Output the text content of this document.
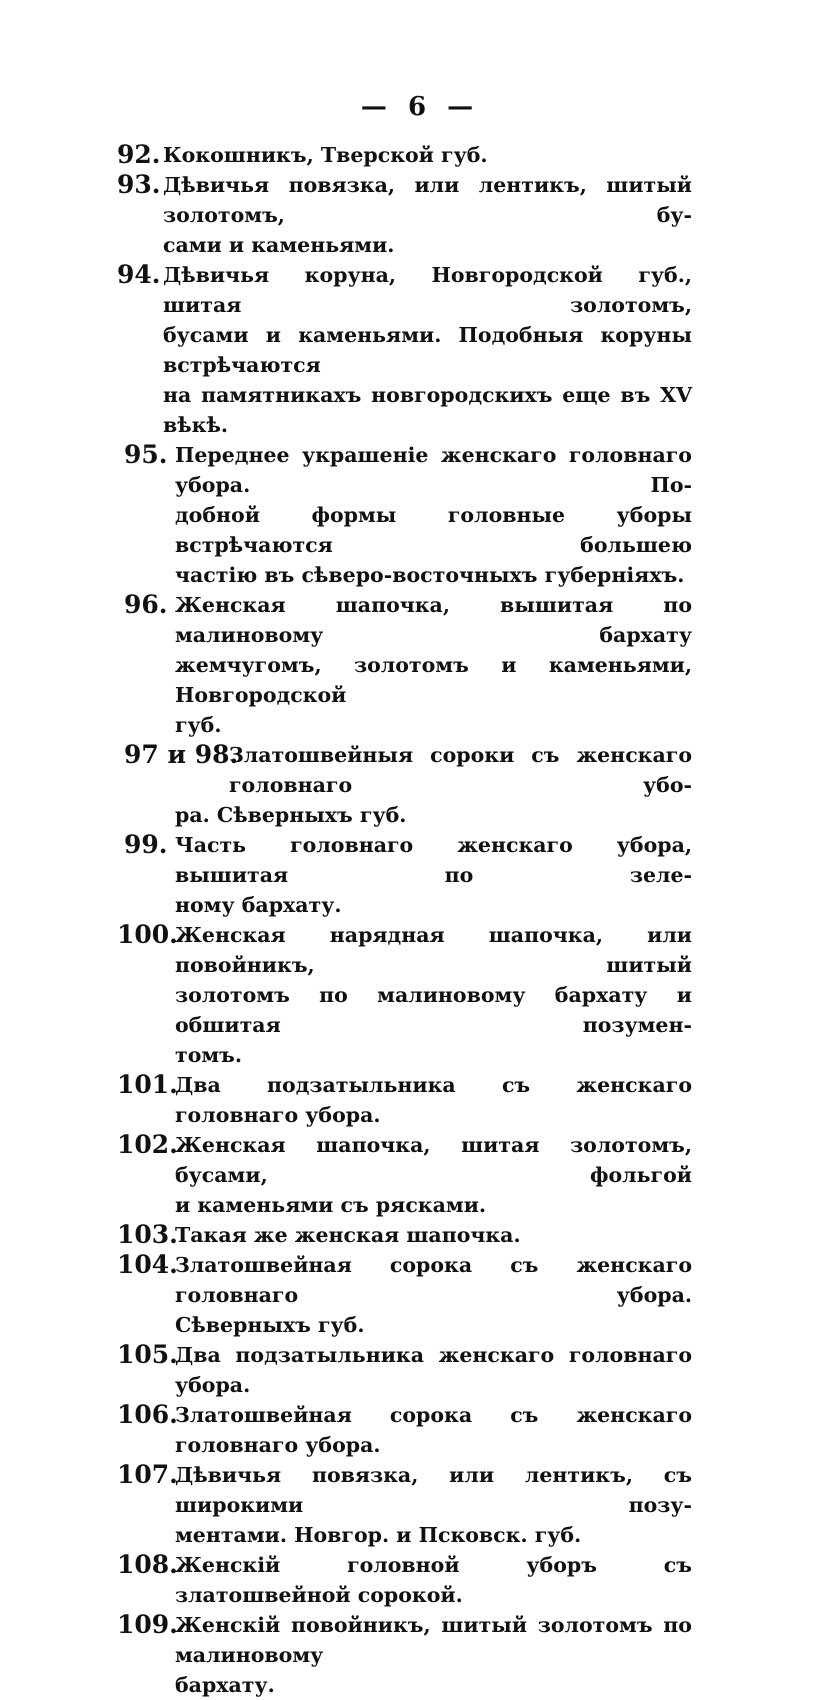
— 6 —
92. Кокошникъ, Тверской губ.
93. Дѣвичья повязка, или лентикъ, шитый золотомъ, бу-
сами и каменьями.
94. Дѣвичья коруна, Новгородской губ., шитая золотомъ,
бусами и каменьями. Подобныя коруны встрѣчаются
на памятникахъ новгородскихъ еще въ XV вѣкѣ.
95. Переднее украшеніе женскаго головнаго убора. По-
добной формы головные уборы встрѣчаются большею
частію въ сѣверо-восточныхъ губерніяхъ.
96. Женская шапочка, вышитая по малиновому бархату
жемчугомъ, золотомъ и каменьями, Новгородской
губ.
97 и 98.
Златошвейныя сороки съ женскаго головнаго убо-
ра. Сѣверныхъ губ.
99. Часть головнаго женскаго убора, вышитая по зеле-
ному бархату.
100.
Женская нарядная шапочка, или повойникъ, шитый
золотомъ по малиновому бархату и обшитая позумен-
томъ.
101.
Два подзатыльника съ женскаго головнаго убора.
102.
Женская шапочка, шитая золотомъ, бусами, фольгой
и каменьями съ рясками.
103.
Такая же женская шапочка.
104.
Златошвейная сорока съ женскаго головнаго убора.
Сѣверныхъ губ.
105.
Два подзатыльника женскаго головнаго убора.
106.
Златошвейная сорока съ женскаго головнаго убора.
107.
Дѣвичья повязка, или лентикъ, съ широкими позу-
ментами. Новгор. и Псковск. губ.
108.
Женскій головной уборъ съ златошвейной сорокой.
109.
Женскій повойникъ, шитый золотомъ по малиновому
бархату.
